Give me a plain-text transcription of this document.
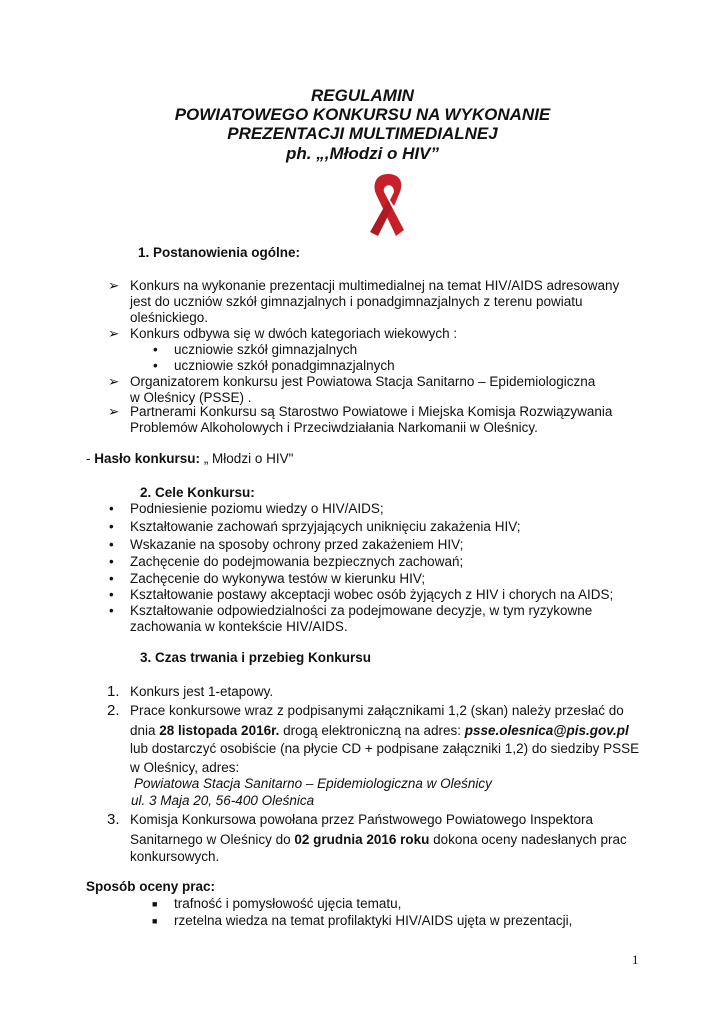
REGULAMIN
POWIATOWEGO KONKURSU NA WYKONANIE
PREZENTACJI MULTIMEDIALNEJ
ph. „,Młodzi o HIV”
1. Postanowienia ogólne:
➢ Konkurs na wykonanie prezentacji multimedialnej na temat HIV/AIDS adresowany
jest do uczniów szkół gimnazjalnych i ponadgimnazjalnych z terenu powiatu
oleśnickiego.
➢ Konkurs odbywa się w dwóch kategoriach wiekowych :
• uczniowie szkół gimnazjalnych
• uczniowie szkół ponadgimnazjalnych
➢ Organizatorem konkursu jest Powiatowa Stacja Sanitarno – Epidemiologiczna
w Oleśnicy (PSSE) .
➢ Partnerami Konkursu są Starostwo Powiatowe i Miejska Komisja Rozwiązywania
Problemów Alkoholowych i Przeciwdziałania Narkomanii w Oleśnicy.
- Hasło konkursu: „ Młodzi o HIV"
2. Cele Konkursu:
• Podniesienie poziomu wiedzy o HIV/AIDS;
• Kształtowanie zachowań sprzyjających uniknięciu zakażenia HIV;
• Wskazanie na sposoby ochrony przed zakażeniem HIV;
• Zachęcenie do podejmowania bezpiecznych zachowań;
• Zachęcenie do wykonywa testów w kierunku HIV;
• Kształtowanie postawy akceptacji wobec osób żyjących z HIV i chorych na AIDS;
• Kształtowanie odpowiedzialności za podejmowane decyzje, w tym ryzykowne
zachowania w kontekście HIV/AIDS.
3. Czas trwania i przebieg Konkursu
1. Konkurs jest 1-etapowy.
2. Prace konkursowe wraz z podpisanymi załącznikami 1,2 (skan) należy przesłać do
dnia 28 listopada 2016r. drogą elektroniczną na adres: psse.olesnica@pis.gov.pl
lub dostarczyć osobiście (na płycie CD + podpisane załączniki 1,2) do siedziby PSSE
w Oleśnicy, adres:
Powiatowa Stacja Sanitarno – Epidemiologiczna w Oleśnicy
ul. 3 Maja 20, 56-400 Oleśnica
3. Komisja Konkursowa powołana przez Państwowego Powiatowego Inspektora
Sanitarnego w Oleśnicy do 02 grudnia 2016 roku dokona oceny nadesłanych prac
konkursowych.
Sposób oceny prac:
■ trafność i pomysłowość ujęcia tematu,
■ rzetelna wiedza na temat profilaktyki HIV/AIDS ujęta w prezentacji,
1
